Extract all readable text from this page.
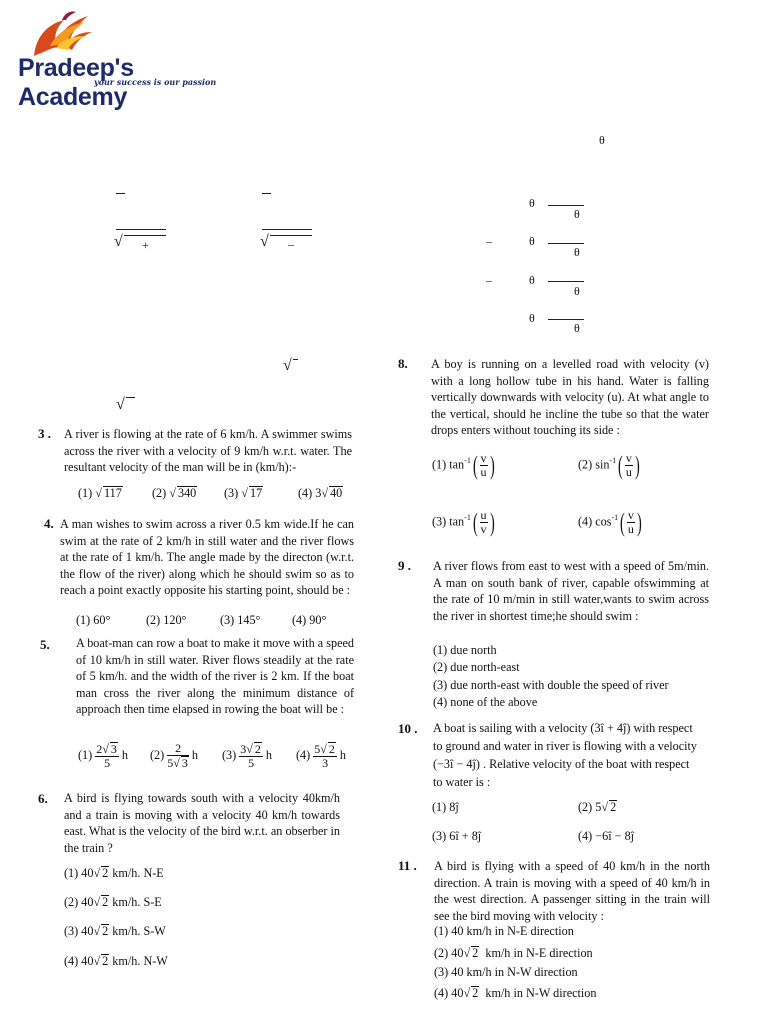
Pradeep's Academy
your success is our passion
√ +	√ –
√
√
θ
θ
θ
–	θ
θ
–	θ
θ
θ
θ
3 . A river is flowing at the rate of 6 km/h. A swimmer swims across the river with a velocity of 9 km/h w.r.t. water. The resultant velocity of the man will be in (km/h):-
(1) √ 117 (2) √ 340 (3) √ 17	(4) 3√ 40
4. A man wishes to swim across a river 0.5 km wide.If he can swim at the rate of 2 km/h in still water and the river flows at the rate of 1 km/h. The angle made by the directon (w.r.t. the flow of the river) along which he should swim so as to reach a point exactly opposite his starting point, should be :
(1) 60°	(2) 120°	(3) 145°	(4) 90°
5. A boat-man can row a boat to make it move with a speed of 10 km/h in still water. River flows steadily at the rate of 5 km/h. and the width of the river is 2 km. If the boat man cross the river along the minimum distance of approach then time elapsed in rowing the boat will be :
$(1) \frac{2√ 3}{5}$ h $(2) \frac{2}{5√ 3}$ h $(3) \frac{3√ 2}{5}$ h $(4) \frac{5√ 2}{3}$ h
6. A bird is flying towards south with a velocity 40km/h and a train is moving with a velocity 40 km/h towards east. What is the velocity of the bird w.r.t. an obserber in the train ?
(1) 40√ 2 km/h. N-E
(2) 40√ 2 km/h. S-E
(3) 40√ 2 km/h. S-W
(4) 40√ 2 km/h. N-W
8. A boy is running on a levelled road with velocity (v) with a long hollow tube in his hand. Water is falling vertically downwards with velocity (u). At what angle to the vertical, should he incline the tube so that the water drops enters without touching its side :
(1) $\tan^{-1}( \frac{v}{u}$ )	(2) $\sin^{-1}( \frac{v}{u}$ )
(3) $\tan^{-1}( \frac{u}{v}$ )	(4) $\cos^{-1}( \frac{v}{u}$ )
9 . A river flows from east to west with a speed of 5m/min. A man on south bank of river, capable ofswimming at the rate of 10 m/min in still water,wants to swim across the river in shortest time;he should swim :
(1) due north
(2) due north-east
(3) due north-east with double the speed of river
(4) none of the above
10 . A boat is sailing with a velocity (3î + 4ĵ) with respect
to ground and water in river is flowing with a velocity
(−3î − 4ĵ) . Relative velocity of the boat with respect
to water is :
(1) 8ĵ	(2) 5√ 2
(3) 6î + 8ĵ	(4) −6î − 8ĵ
11 . A bird is flying with a speed of 40 km/h in the north direction. A train is moving with a speed of 40 km/h in the west direction. A passenger sitting in the train will see the bird moving with velocity :
(1) 40 km/h in N-E direction
(2) 40√ 2 km/h in N-E direction
(3) 40 km/h in N-W direction
(4) 40√ 2 km/h in N-W direction
